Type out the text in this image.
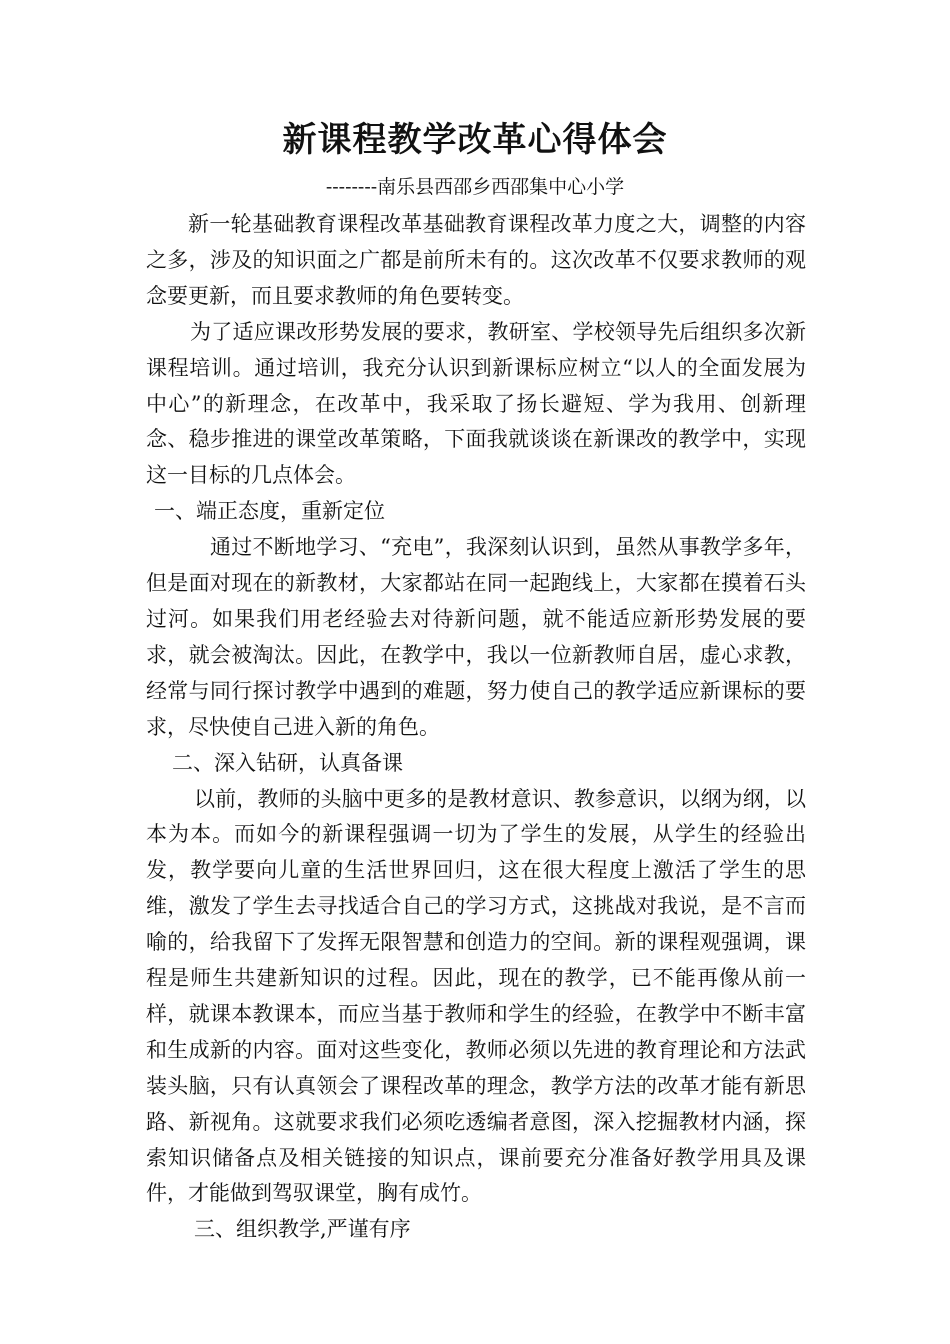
新课程教学改革心得体会
--------南乐县西邵乡西邵集中心小学

新一轮基础教育课程改革基础教育课程改革力度之大，调整的内容之多，涉及的知识面之广都是前所未有的。这次改革不仅要求教师的观念要更新，而且要求教师的角色要转变。

为了适应课改形势发展的要求，教研室、学校领导先后组织多次新课程培训。通过培训，我充分认识到新课标应树立“以人的全面发展为中心”的新理念，在改革中，我采取了扬长避短、学为我用、创新理念、稳步推进的课堂改革策略，下面我就谈谈在新课改的教学中，实现这一目标的几点体会。

一、端正态度，重新定位

通过不断地学习、“充电”，我深刻认识到，虽然从事教学多年，但是面对现在的新教材，大家都站在同一起跑线上，大家都在摸着石头过河。如果我们用老经验去对待新问题，就不能适应新形势发展的要求，就会被淘汰。因此，在教学中，我以一位新教师自居，虚心求教，经常与同行探讨教学中遇到的难题，努力使自己的教学适应新课标的要求，尽快使自己进入新的角色。

二、深入钻研，认真备课

以前，教师的头脑中更多的是教材意识、教参意识，以纲为纲，以本为本。而如今的新课程强调一切为了学生的发展，从学生的经验出发，教学要向儿童的生活世界回归，这在很大程度上激活了学生的思维，激发了学生去寻找适合自己的学习方式，这挑战对我说，是不言而喻的，给我留下了发挥无限智慧和创造力的空间。新的课程观强调，课程是师生共建新知识的过程。因此，现在的教学，已不能再像从前一样，就课本教课本，而应当基于教师和学生的经验，在教学中不断丰富和生成新的内容。面对这些变化，教师必须以先进的教育理论和方法武装头脑，只有认真领会了课程改革的理念，教学方法的改革才能有新思路、新视角。这就要求我们必须吃透编者意图，深入挖掘教材内涵，探索知识储备点及相关链接的知识点，课前要充分准备好教学用具及课件，才能做到驾驭课堂，胸有成竹。

三、组织教学,严谨有序
